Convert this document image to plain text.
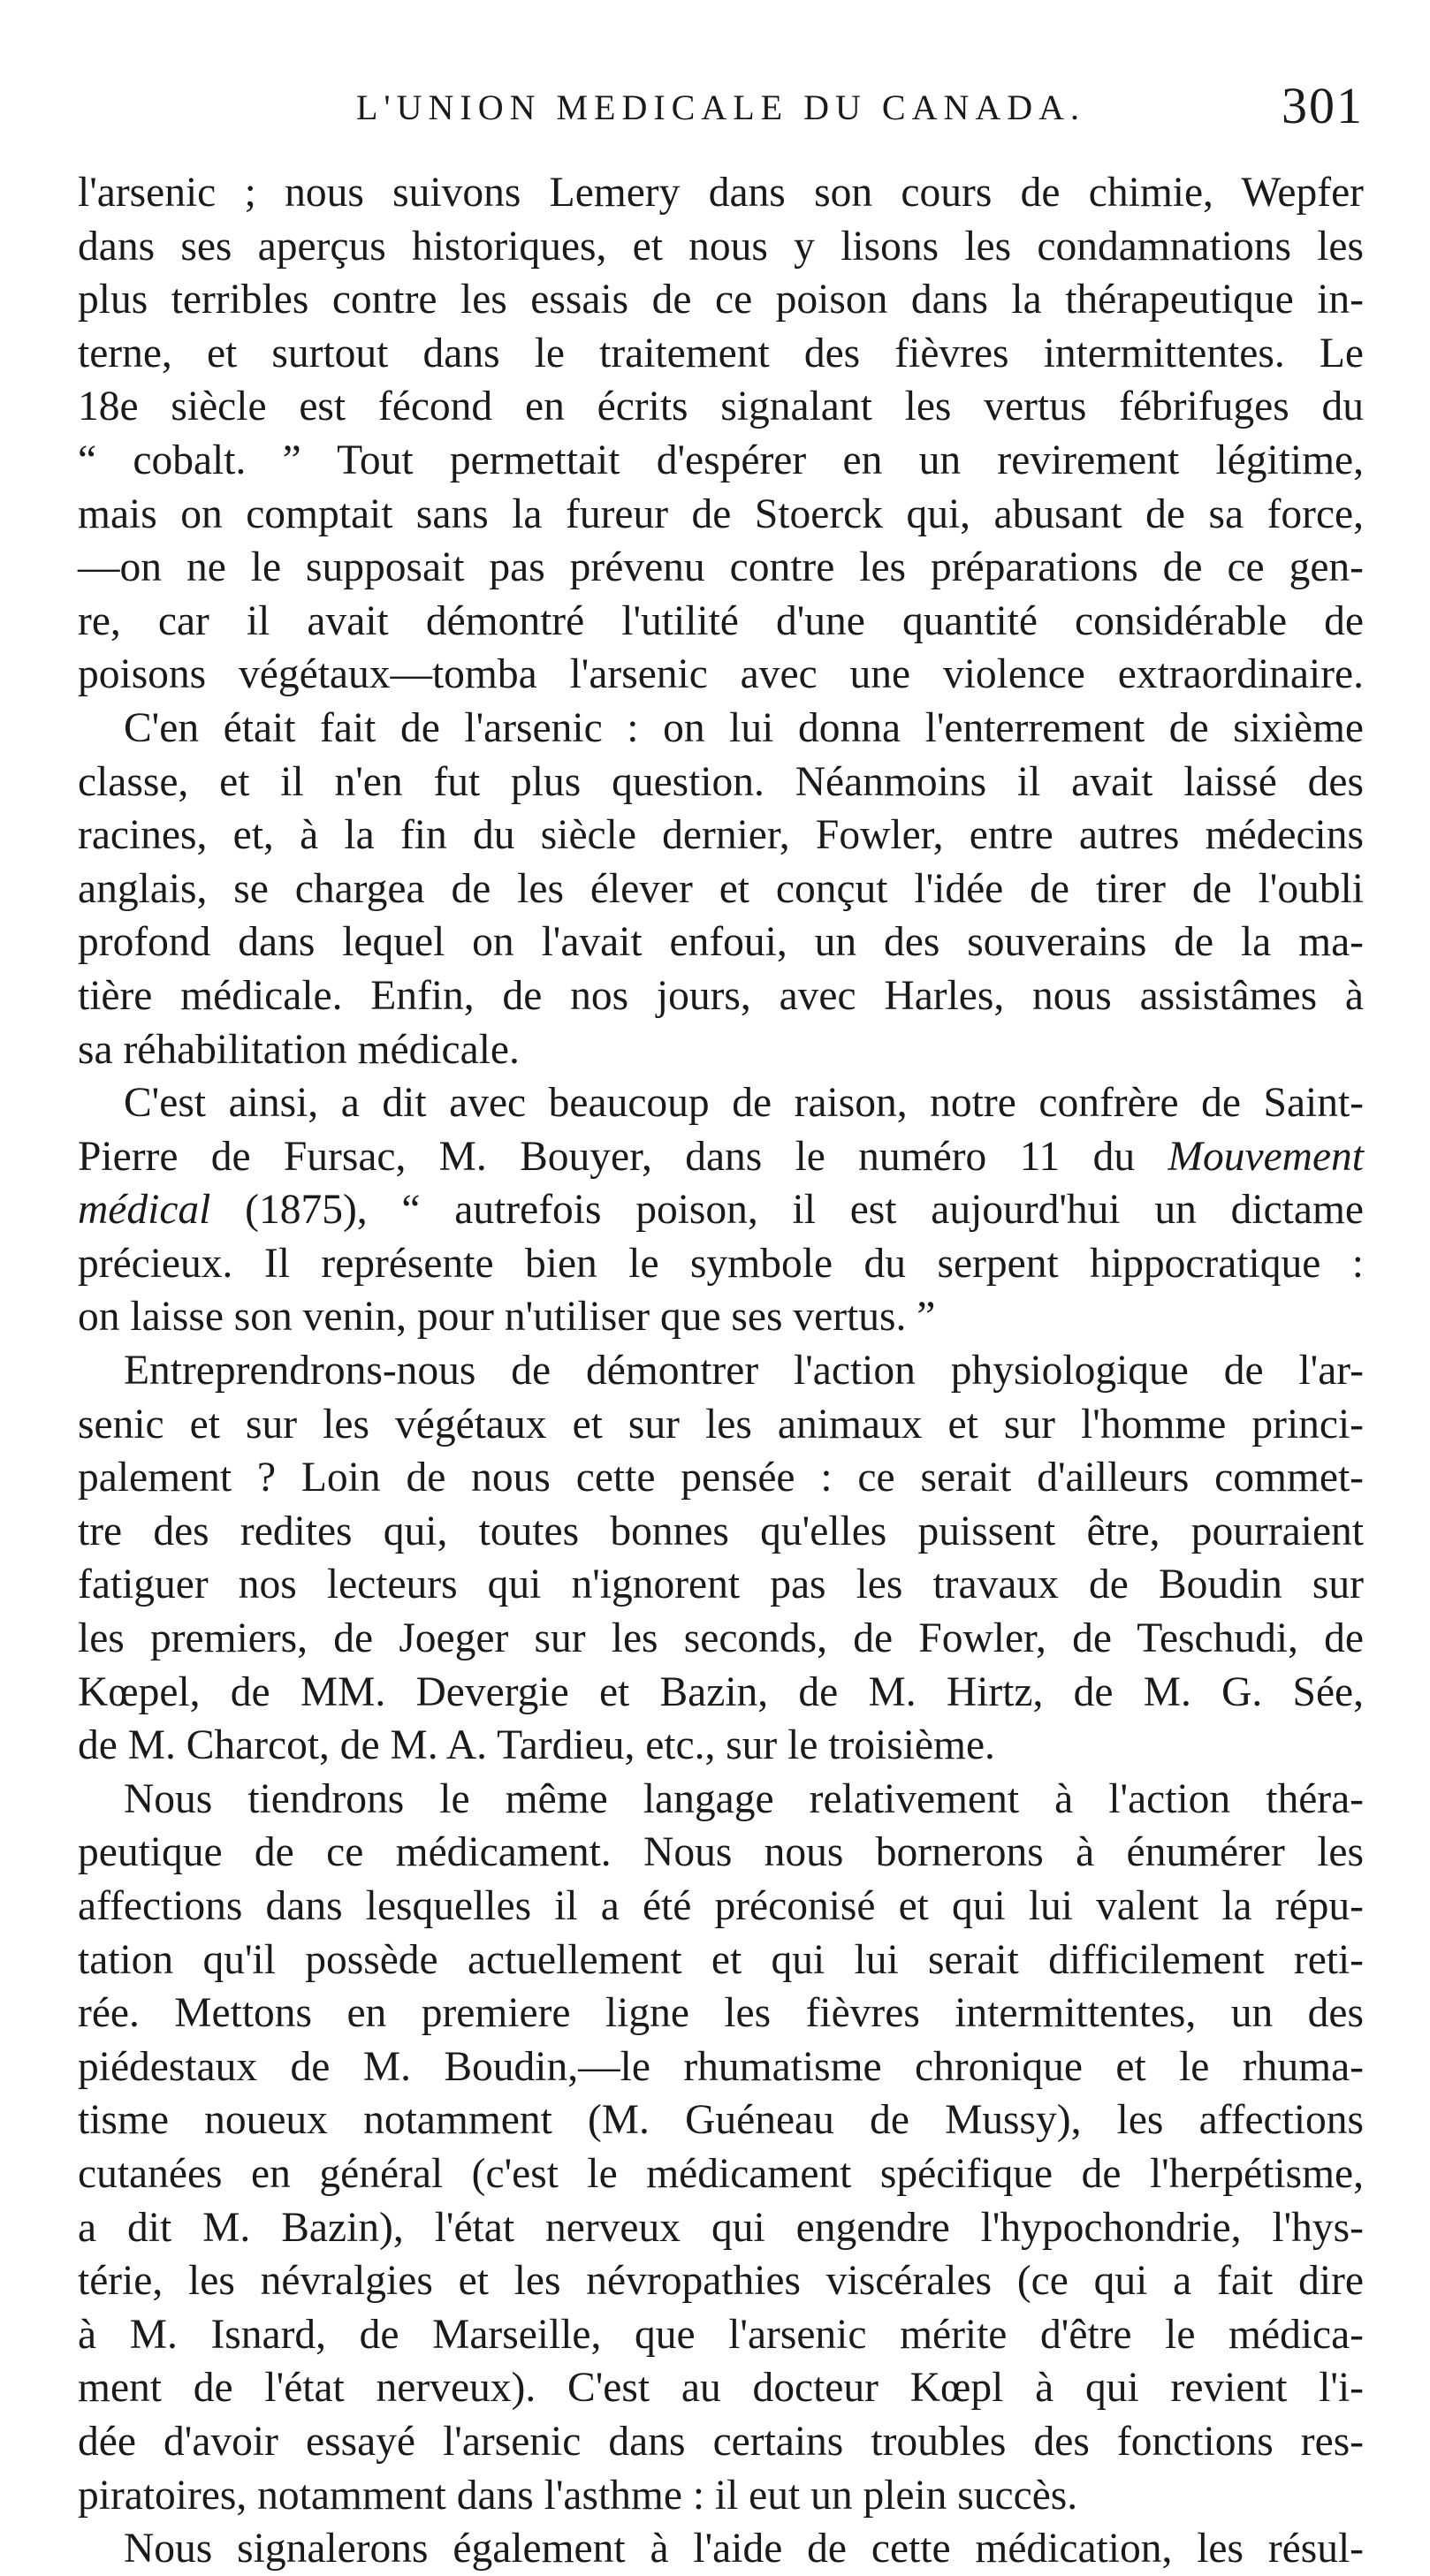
L'UNION MEDICALE DU CANADA.	301
l'arsenic ; nous suivons Lemery dans son cours de chimie, Wepfer
dans ses aperçus historiques, et nous y lisons les condamnations les
plus terribles contre les essais de ce poison dans la thérapeutique in-
terne, et surtout dans le traitement des fièvres intermittentes. Le
18e siècle est fécond en écrits signalant les vertus fébrifuges du
“ cobalt. ” Tout permettait d'espérer en un revirement légitime,
mais on comptait sans la fureur de Stoerck qui, abusant de sa force,
—on ne le supposait pas prévenu contre les préparations de ce gen-
re, car il avait démontré l'utilité d'une quantité considérable de
poisons végétaux—tomba l'arsenic avec une violence extraordinaire.
C'en était fait de l'arsenic : on lui donna l'enterrement de sixième
classe, et il n'en fut plus question. Néanmoins il avait laissé des
racines, et, à la fin du siècle dernier, Fowler, entre autres médecins
anglais, se chargea de les élever et conçut l'idée de tirer de l'oubli
profond dans lequel on l'avait enfoui, un des souverains de la ma-
tière médicale. Enfin, de nos jours, avec Harles, nous assistâmes à
sa réhabilitation médicale.
C'est ainsi, a dit avec beaucoup de raison, notre confrère de Saint-
Pierre de Fursac, M. Bouyer, dans le numéro 11 du Mouvement
médical (1875), “ autrefois poison, il est aujourd'hui un dictame
précieux. Il représente bien le symbole du serpent hippocratique :
on laisse son venin, pour n'utiliser que ses vertus. ”
Entreprendrons-nous de démontrer l'action physiologique de l'ar-
senic et sur les végétaux et sur les animaux et sur l'homme princi-
palement ? Loin de nous cette pensée : ce serait d'ailleurs commet-
tre des redites qui, toutes bonnes qu'elles puissent être, pourraient
fatiguer nos lecteurs qui n'ignorent pas les travaux de Boudin sur
les premiers, de Joeger sur les seconds, de Fowler, de Teschudi, de
Kœpel, de MM. Devergie et Bazin, de M. Hirtz, de M. G. Sée,
de M. Charcot, de M. A. Tardieu, etc., sur le troisième.
Nous tiendrons le même langage relativement à l'action théra-
peutique de ce médicament. Nous nous bornerons à énumérer les
affections dans lesquelles il a été préconisé et qui lui valent la répu-
tation qu'il possède actuellement et qui lui serait difficilement reti-
rée. Mettons en premiere ligne les fièvres intermittentes, un des
piédestaux de M. Boudin,—le rhumatisme chronique et le rhuma-
tisme noueux notamment (M. Guéneau de Mussy), les affections
cutanées en général (c'est le médicament spécifique de l'herpétisme,
a dit M. Bazin), l'état nerveux qui engendre l'hypochondrie, l'hys-
térie, les névralgies et les névropathies viscérales (ce qui a fait dire
à M. Isnard, de Marseille, que l'arsenic mérite d'être le médica-
ment de l'état nerveux). C'est au docteur Kœpl à qui revient l'i-
dée d'avoir essayé l'arsenic dans certains troubles des fonctions res-
piratoires, notamment dans l'asthme : il eut un plein succès.
Nous signalerons également à l'aide de cette médication, les résul-
